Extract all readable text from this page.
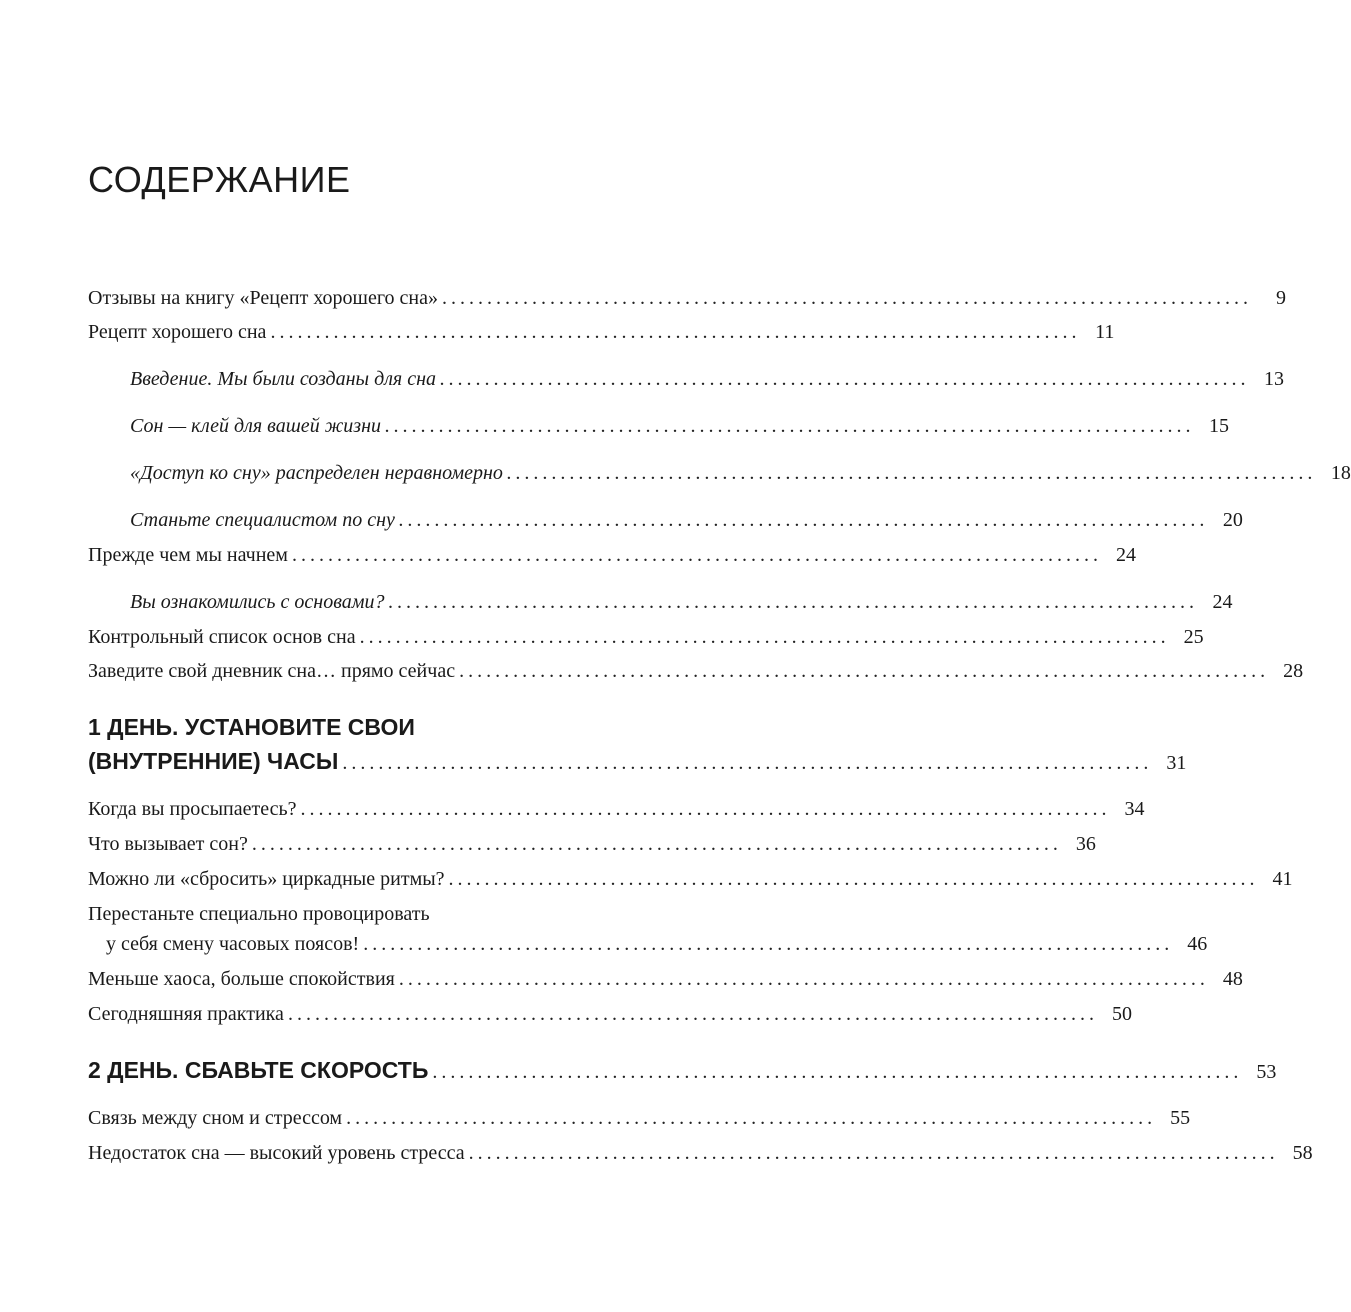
СОДЕРЖАНИЕ
Отзывы на книгу «Рецепт хорошего сна» ..........................................................................................	9
Рецепт хорошего сна .......................................................................................... 11
Введение. Мы были созданы для сна .......................................................................................... 13
Сон — клей для вашей жизни .......................................................................................... 15
«Доступ ко сну» распределен неравномерно .......................................................................................... 18
Станьте специалистом по сну .......................................................................................... 20
Прежде чем мы начнем .......................................................................................... 24
Вы ознакомились с основами? .......................................................................................... 24
Контрольный список основ сна .......................................................................................... 25
Заведите свой дневник сна… прямо сейчас .......................................................................................... 28
1 ДЕНЬ. УСТАНОВИТЕ СВОИ
(ВНУТРЕННИЕ) ЧАСЫ .......................................................................................... 31
Когда вы просыпаетесь? .......................................................................................... 34
Что вызывает сон? .......................................................................................... 36
Можно ли «сбросить» циркадные ритмы? .......................................................................................... 41
Перестаньте специально провоцировать
у себя смену часовых поясов! .......................................................................................... 46
Меньше хаоса, больше спокойствия .......................................................................................... 48
Сегодняшняя практика .......................................................................................... 50
2 ДЕНЬ. СБАВЬТЕ СКОРОСТЬ .......................................................................................... 53
Связь между сном и стрессом .......................................................................................... 55
Недостаток сна — высокий уровень стресса .......................................................................................... 58
